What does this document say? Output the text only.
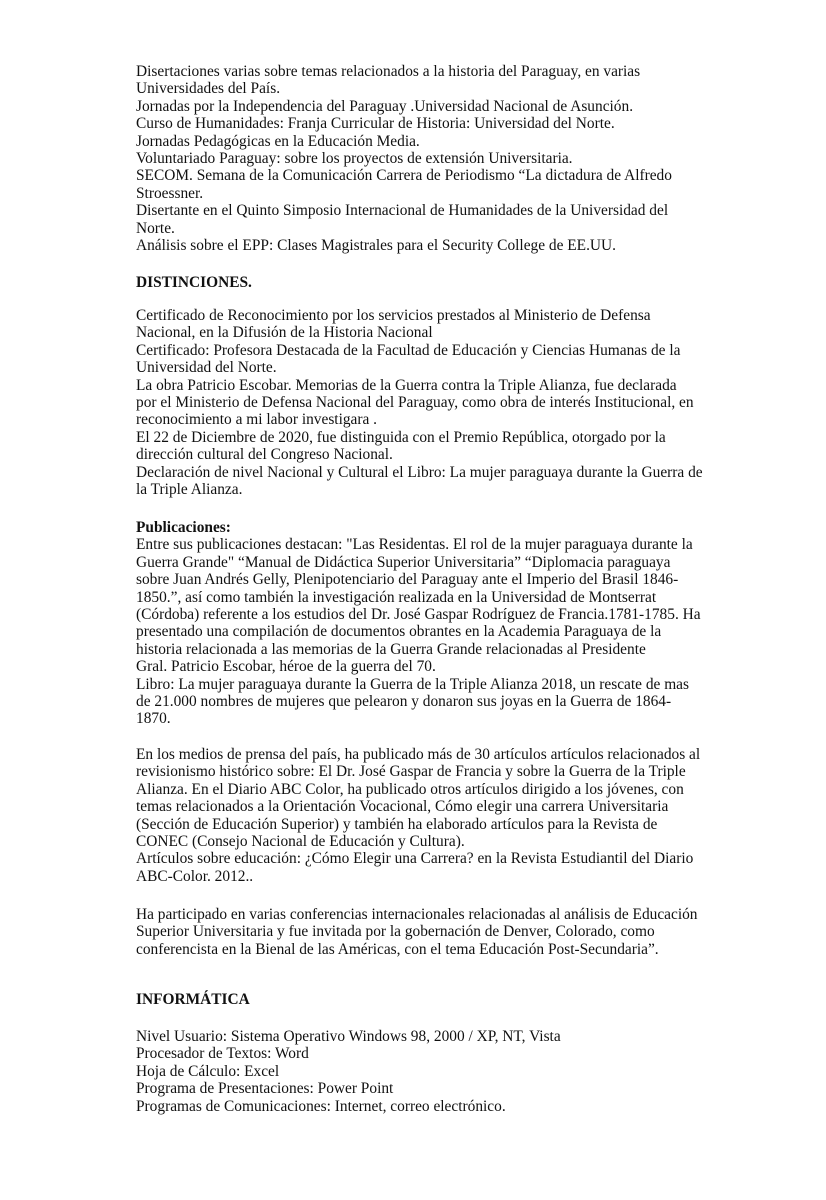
Disertaciones varias sobre temas relacionados a la historia del Paraguay, en varias
Universidades del País.
Jornadas por la Independencia del Paraguay .Universidad Nacional de Asunción.
Curso de Humanidades: Franja Curricular de Historia: Universidad del Norte.
Jornadas Pedagógicas en la Educación Media.
Voluntariado Paraguay: sobre los proyectos de extensión Universitaria.
SECOM. Semana de la Comunicación Carrera de Periodismo “La dictadura de Alfredo
Stroessner.
Disertante en el Quinto Simposio Internacional de Humanidades de la Universidad del
Norte.
Análisis sobre el EPP: Clases Magistrales para el Security College de EE.UU.
DISTINCIONES.
Certificado de Reconocimiento por los servicios prestados al Ministerio de Defensa
Nacional, en la Difusión de la Historia Nacional
Certificado: Profesora Destacada de la Facultad de Educación y Ciencias Humanas de la
Universidad del Norte.
La obra Patricio Escobar. Memorias de la Guerra contra la Triple Alianza, fue declarada
por el Ministerio de Defensa Nacional del Paraguay, como obra de interés Institucional, en
reconocimiento a mi labor investigara .
El 22 de Diciembre de 2020, fue distinguida con el Premio República, otorgado por la
dirección cultural del Congreso Nacional.
Declaración de nivel Nacional y Cultural el Libro: La mujer paraguaya durante la Guerra de
la Triple Alianza.
Publicaciones:
Entre sus publicaciones destacan: "Las Residentas. El rol de la mujer paraguaya durante la
Guerra Grande" “Manual de Didáctica Superior Universitaria” “Diplomacia paraguaya
sobre Juan Andrés Gelly, Plenipotenciario del Paraguay ante el Imperio del Brasil 1846-
1850.”, así como también la investigación realizada en la Universidad de Montserrat
(Córdoba) referente a los estudios del Dr. José Gaspar Rodríguez de Francia.1781-1785. Ha
presentado una compilación de documentos obrantes en la Academia Paraguaya de la
historia relacionada a las memorias de la Guerra Grande relacionadas al Presidente
Gral. Patricio Escobar, héroe de la guerra del 70.
Libro: La mujer paraguaya durante la Guerra de la Triple Alianza 2018, un rescate de mas
de 21.000 nombres de mujeres que pelearon y donaron sus joyas en la Guerra de 1864-
1870.
En los medios de prensa del país, ha publicado más de 30 artículos artículos relacionados al
revisionismo histórico sobre: El Dr. José Gaspar de Francia y sobre la Guerra de la Triple
Alianza. En el Diario ABC Color, ha publicado otros artículos dirigido a los jóvenes, con
temas relacionados a la Orientación Vocacional, Cómo elegir una carrera Universitaria
(Sección de Educación Superior) y también ha elaborado artículos para la Revista de
CONEC (Consejo Nacional de Educación y Cultura).
Artículos sobre educación: ¿Cómo Elegir una Carrera? en la Revista Estudiantil del Diario
ABC-Color. 2012..
Ha participado en varias conferencias internacionales relacionadas al análisis de Educación
Superior Universitaria y fue invitada por la gobernación de Denver, Colorado, como
conferencista en la Bienal de las Américas, con el tema Educación Post-Secundaria”.
INFORMÁTICA
Nivel Usuario: Sistema Operativo Windows 98, 2000 / XP, NT, Vista
Procesador de Textos: Word
Hoja de Cálculo: Excel
Programa de Presentaciones: Power Point
Programas de Comunicaciones: Internet, correo electrónico.
